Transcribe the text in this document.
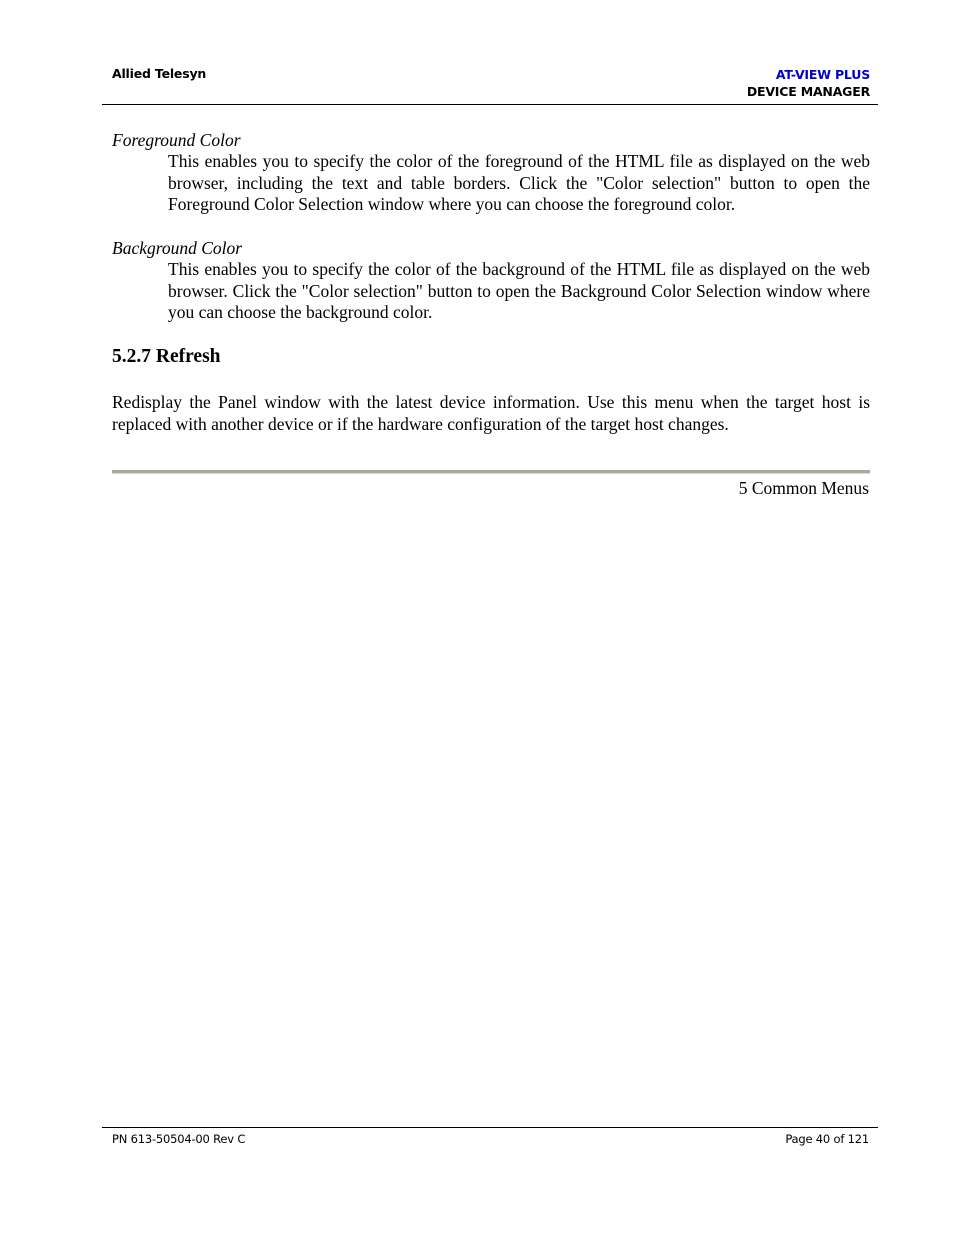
Allied Telesyn	AT-VIEW PLUS
DEVICE MANAGER
Foreground Color
This enables you to specify the color of the foreground of the HTML file as displayed on the web browser, including the text and table borders. Click the "Color selection" button to open the Foreground Color Selection window where you can choose the foreground color.
Background Color
This enables you to specify the color of the background of the HTML file as displayed on the web browser. Click the "Color selection" button to open the Background Color Selection window where you can choose the background color.
5.2.7 Refresh
Redisplay the Panel window with the latest device information. Use this menu when the target host is replaced with another device or if the hardware configuration of the target host changes.
5 Common Menus
PN 613-50504-00 Rev C	Page 40 of 121
